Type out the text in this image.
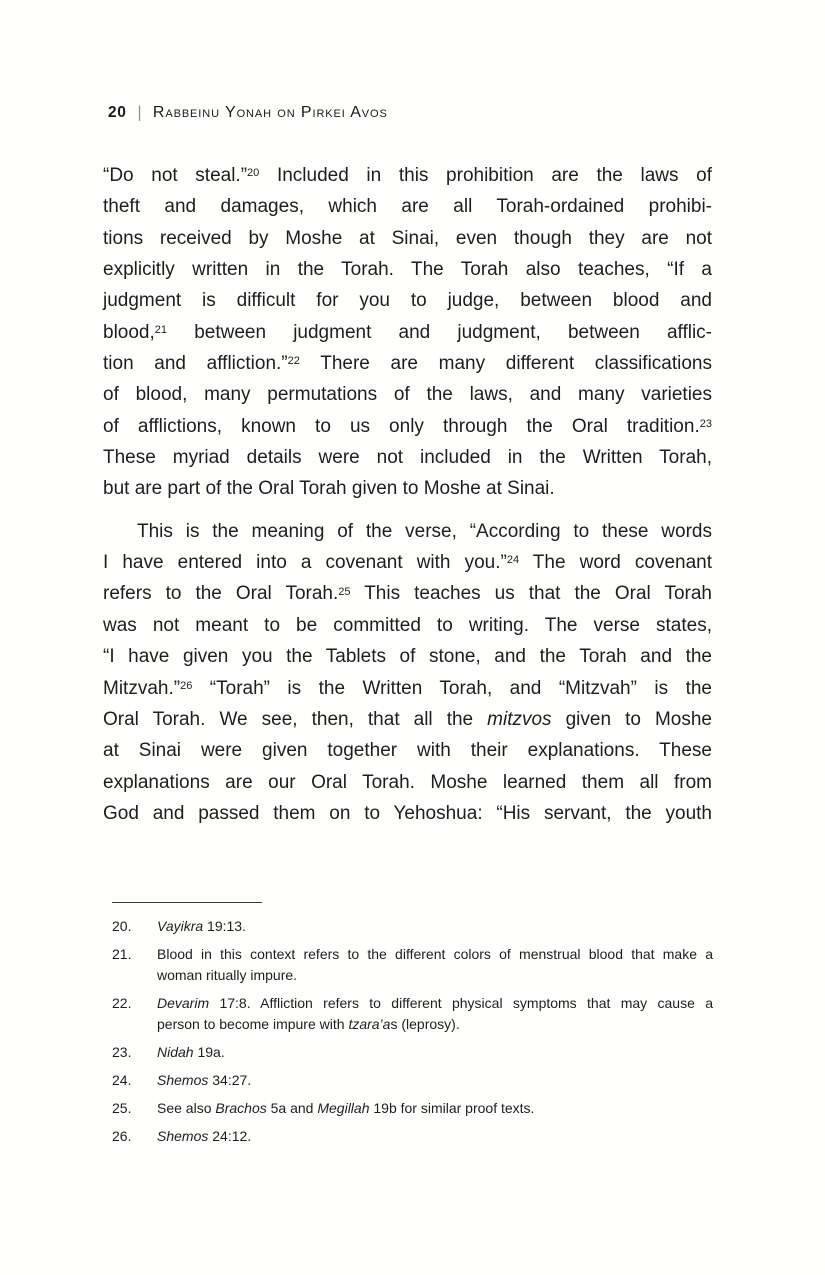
20 | Rabbeinu Yonah on Pirkei Avos
“Do not steal.”$^{20}$ Included in this prohibition are the laws of
theft and damages, which are all Torah-ordained prohibi-
tions received by Moshe at Sinai, even though they are not
explicitly written in the Torah. The Torah also teaches, “If a
judgment is difficult for you to judge, between blood and
blood,$^{21}$ between judgment and judgment, between afflic-
tion and affliction.”$^{22}$ There are many different classifications
of blood, many permutations of the laws, and many varieties
of afflictions, known to us only through the Oral tradition.$^{23}$
These myriad details were not included in the Written Torah,
but are part of the Oral Torah given to Moshe at Sinai.
This is the meaning of the verse, “According to these words
I have entered into a covenant with you.”$^{24}$ The word covenant
refers to the Oral Torah.$^{25}$ This teaches us that the Oral Torah
was not meant to be committed to writing. The verse states,
“I have given you the Tablets of stone, and the Torah and the
Mitzvah.”$^{26}$ “Torah” is the Written Torah, and “Mitzvah” is the
Oral Torah. We see, then, that all the mitzvos given to Moshe
at Sinai were given together with their explanations. These
explanations are our Oral Torah. Moshe learned them all from
God and passed them on to Yehoshua: “His servant, the youth
20.	Vayikra 19:13.
21.	Blood in this context refers to the different colors of menstrual blood that make a
woman ritually impure.
22.	Devarim 17:8. Affliction refers to different physical symptoms that may cause a
person to become impure with tzara’as (leprosy).
23.	Nidah 19a.
24.	Shemos 34:27.
25.	See also Brachos 5a and Megillah 19b for similar proof texts.
26.	Shemos 24:12.
